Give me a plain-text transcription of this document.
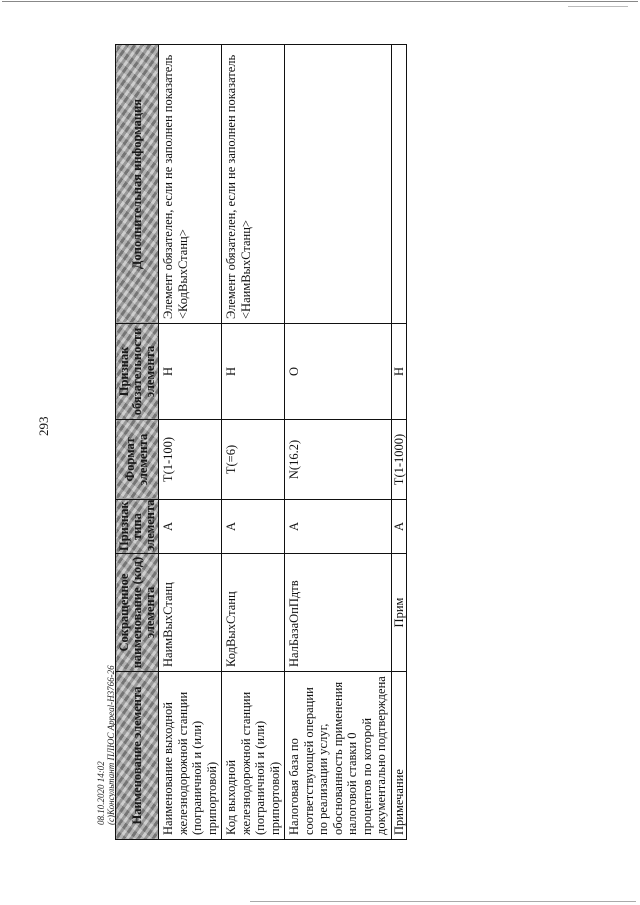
293
Наименование элемента	Сокращенное наименование (код) элемента	Признак типа элемента	Формат элемента	Признак обязательности элемента	Дополнительная информация
Наименование выходной железнодорожной станции (пограничной и (или) припортовой)	НаимВыхСтанц	А	T(1-100)	Н	Элемент обязателен, если не заполнен показатель <КодВыхСтанц>
Код выходной железнодорожной станции (пограничной и (или) припортовой)	КодВыхСтанц	А	T(=6)	Н	Элемент обязателен, если не заполнен показатель <НаимВыхСтанц>
Налоговая база по соответствующей операции по реализации услуг, обоснованность применения налоговой ставки 0 процентов по которой документально подтверждена	НалБазаОпПдтв	А	N(16.2)	О	
Примечание	Прим	А	T(1-1000)	Н	
08.10.2020 14:02 (c)Консультант ПЛЮС Appeal-H3766-26
